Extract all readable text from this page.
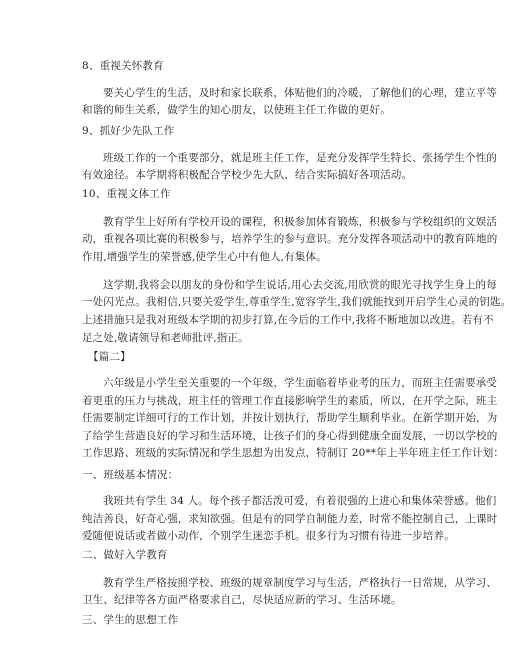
8、重视关怀教育
要关心学生的生活，及时和家长联系，体贴他们的冷暖，了解他们的心理，建立平等
和谐的师生关系，做学生的知心朋友，以使班主任工作做的更好。
9、抓好少先队工作
班级工作的一个重要部分，就是班主任工作，是充分发挥学生特长、张扬学生个性的
有效途径。本学期将积极配合学校少先大队，结合实际搞好各项活动。
10、重视文体工作
教育学生上好所有学校开设的课程，积极参加体育锻炼，积极参与学校组织的文娱活
动，重视各项比赛的积极参与，培养学生的参与意识。充分发挥各项活动中的教育阵地的
作用,增强学生的荣誉感,使学生心中有他人,有集体。
这学期,我将会以朋友的身份和学生说话,用心去交流,用欣赏的眼光寻找学生身上的每
一处闪光点。我相信,只要关爱学生,尊重学生,宽容学生,我们就能找到开启学生心灵的钥匙。
上述措施只是我对班级本学期的初步打算,在今后的工作中,我将不断地加以改进。若有不
足之处,敬请领导和老师批评,指正。
【篇二】
六年级是小学生至关重要的一个年级，学生面临着毕业考的压力，而班主任需要承受
着更重的压力与挑战，班主任的管理工作直接影响学生的素质，所以，在开学之际，班主
任需要制定详细可行的工作计划，并按计划执行，帮助学生顺利毕业。在新学期开始，为
了给学生营造良好的学习和生活环境，让孩子们的身心得到健康全面发展，一切以学校的
工作思路、班级的实际情况和学生思想为出发点，特制订 20**年上半年班主任工作计划：
一、班级基本情况：
我班共有学生 34 人。每个孩子都活泼可爱，有着很强的上进心和集体荣誉感。他们
纯洁善良，好奇心强，求知欲强。但是有的同学自制能力差，时常不能控制自己，上课时
爱随便说话或者做小动作，个别学生迷恋手机。很多行为习惯有待进一步培养。
二、做好入学教育
教育学生严格按照学校、班级的规章制度学习与生活，严格执行一日常规，从学习、
卫生、纪律等各方面严格要求自己，尽快适应新的学习、生活环境。
三、学生的思想工作
